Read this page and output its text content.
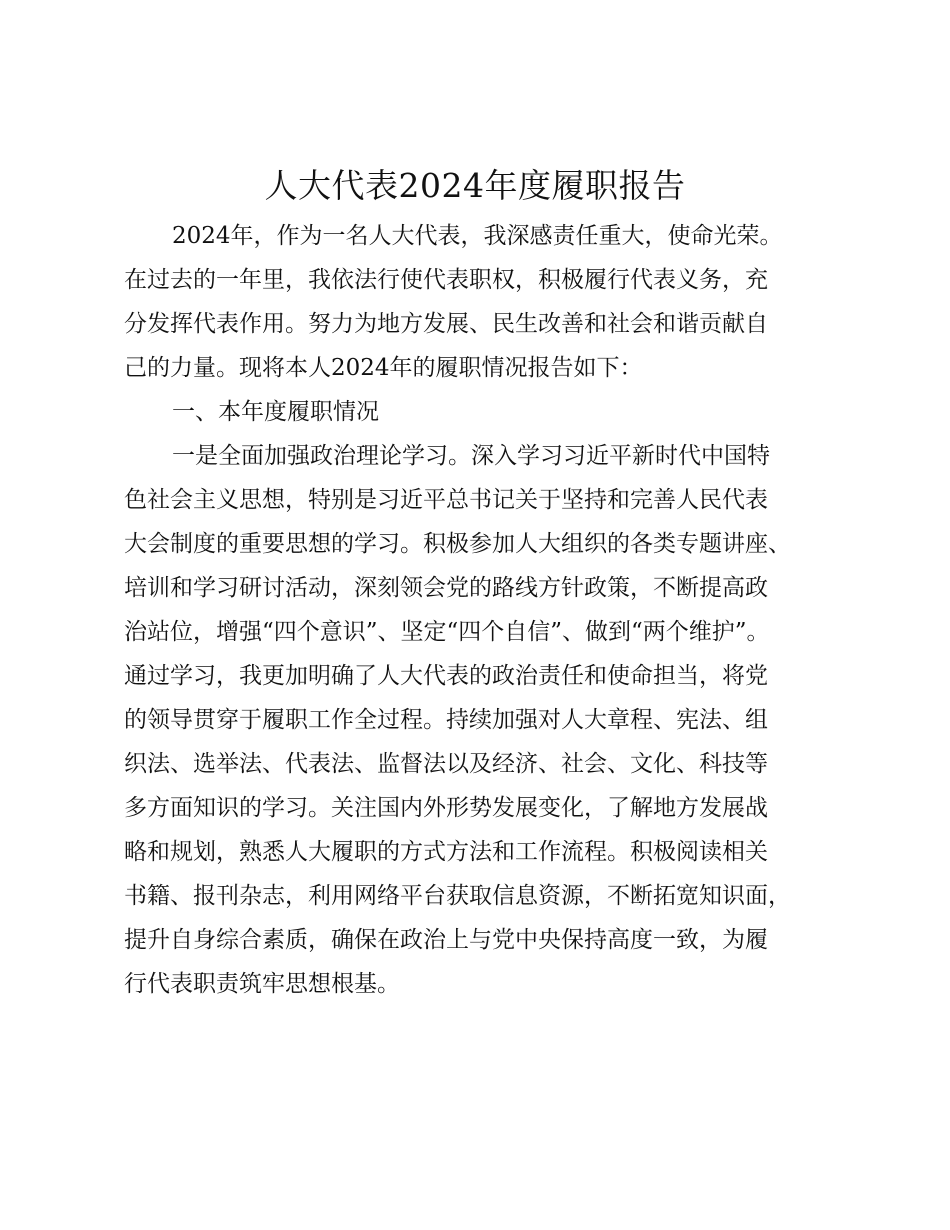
人大代表2024年度履职报告

2024年，作为一名人大代表，我深感责任重大，使命光荣。

在过去的一年里，我依法行使代表职权，积极履行代表义务，充

分发挥代表作用。努力为地方发展、民生改善和社会和谐贡献自

己的力量。现将本人2024年的履职情况报告如下：

一、本年度履职情况

一是全面加强政治理论学习。深入学习习近平新时代中国特

色社会主义思想，特别是习近平总书记关于坚持和完善人民代表

大会制度的重要思想的学习。积极参加人大组织的各类专题讲座、

培训和学习研讨活动，深刻领会党的路线方针政策，不断提高政

治站位，增强“四个意识”、坚定“四个自信”、做到“两个维护”。

通过学习，我更加明确了人大代表的政治责任和使命担当，将党

的领导贯穿于履职工作全过程。持续加强对人大章程、宪法、组

织法、选举法、代表法、监督法以及经济、社会、文化、科技等

多方面知识的学习。关注国内外形势发展变化，了解地方发展战

略和规划，熟悉人大履职的方式方法和工作流程。积极阅读相关

书籍、报刊杂志，利用网络平台获取信息资源，不断拓宽知识面，

提升自身综合素质，确保在政治上与党中央保持高度一致，为履

行代表职责筑牢思想根基。
